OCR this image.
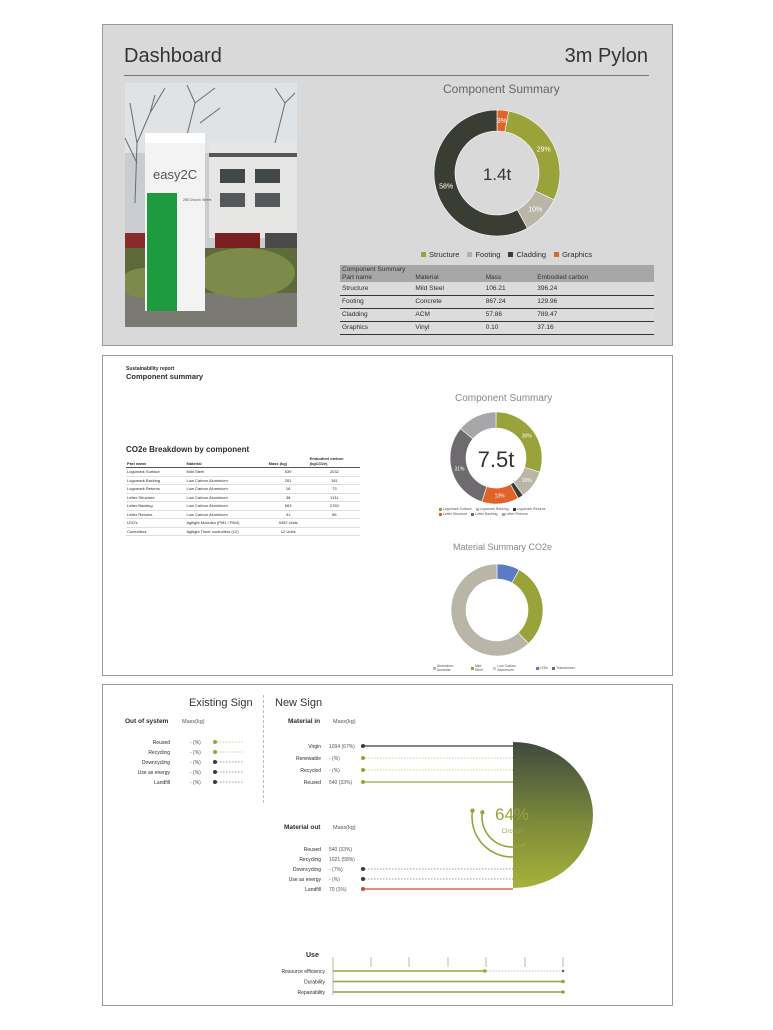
Dashboard	3m Pylon
easy2C
285 Church Street
Component Summary
3%
29%
10%
58%
1.4t
Structure Footing Cladding Graphics
Component Summary			
Part name	Material	Mass	Embodied carbon
Structure	Mild Steel	106.21	396.24
Footing	Concrete	867.24	129.96
Cladding	ACM	57.86	789.47
Graphics	Vinyl	0.10	37.16
Sustainability report
Component summary
CO2e Breakdown by component
Part name	Material	Mass (kg)	Embodied carbon (kgCO2e)
Logomark Surface	Mild Steel	539	2032
Logomark Backing	Low Carbon Aluminium	261	181
Logomark Returns	Low Carbon Aluminium	18	73
Letter Structure	Low Carbon Aluminium	38	1131
Letter Backing	Low Carbon Aluminium	663	2763
Letter Returns	Low Carbon Aluminium	31	86
LED's	Agilight Modules (PM1 / PM4)	9492 Units	
Controllers	Agilight Timer controllers (12)	12 Units	
Component Summary
30%
10%
13%
31% 7.5t
Logomark Surface Logomark Backing Logomark Returns
Letter Structure Letter Backing Letter Returns
Material Summary CO2e
Aluminium, Australia
Mild Steel
Low Carbon Aluminium	LEDs Transformer
Existing Sign New Sign
Out of system Mass(kg)	Material in Mass(kg)
Material out Mass(kg)
Reused	- (%)
Recycling	- (%)
Downcycling	- (%)
Use as energy	- (%)
Landfill	- (%)
Virgin 1094 (67%)
Renewable - (%)
Recycled - (%)
Reused 540 (33%)
Reused 540 (33%)
Recycling 1021 (58%)
Downcycling - (7%)
Use as energy - (%)
Landfill 70 (1%)
64%
Circular
Resource efficiency
Durability
Repairability
Use
